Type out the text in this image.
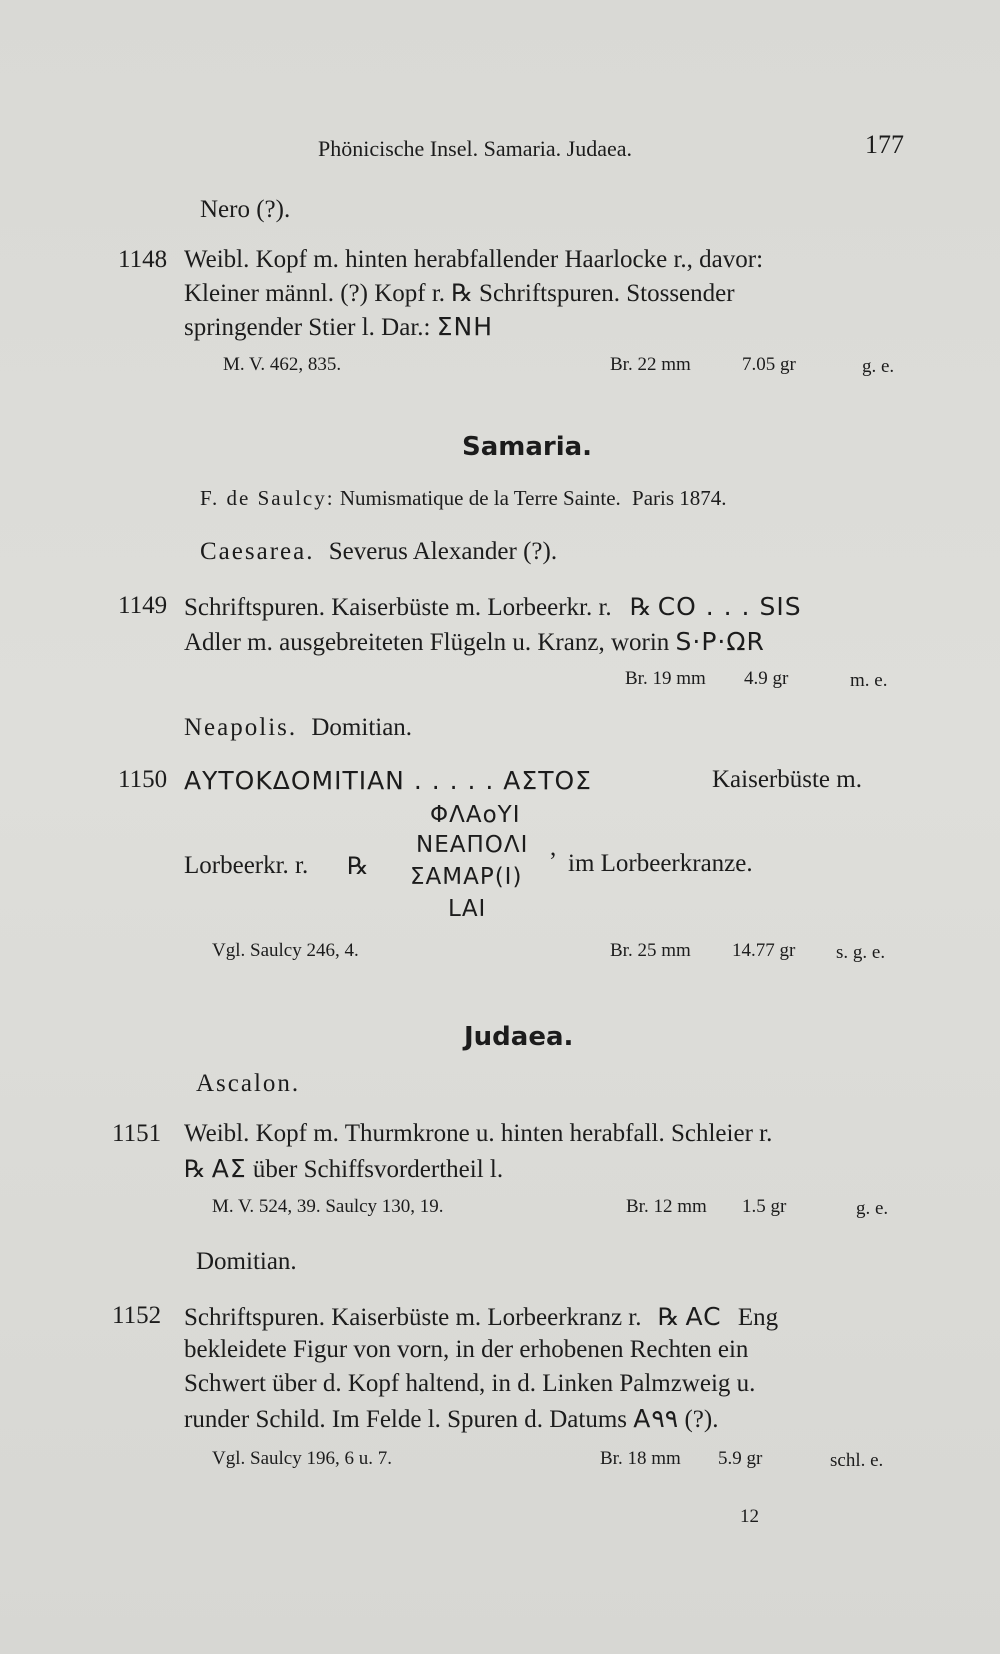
Phönicische Insel. Samaria. Judaea.	177
Nero (?).
1148 Weibl. Kopf m. hinten herabfallender Haarlocke r., davor:
Kleiner männl. (?) Kopf r. ℞ Schriftspuren. Stossender
springender Stier l. Dar.: ΣΝΗ
M. V. 462, 835.	Br. 22 mm	7.05 gr	g. e.
Samaria.
F. de Saulcy: Numismatique de la Terre Sainte. Paris 1874.
Caesarea. Severus Alexander (?).
1149 Schriftspuren. Kaiserbüste m. Lorbeerkr. r. ℞ CO . . . SIS
Adler m. ausgebreiteten Flügeln u. Kranz, worin S·P·ΩR
Br. 19 mm 4.9 gr	m. e.
Neapolis. Domitian.
1150 ΑΥΤΟΚΔΟΜΙΤΙΑΝ . . . . . ΑΣΤΟΣ	Kaiserbüste m.
ΦΛΑοΥΙ
Lorbeerkr. r. ℞
ΝΕΑΠΟΛΙ ,
ΣΑΜΑΡ(Ι)
LΑΙ
im Lorbeerkranze.
Vgl. Saulcy 246, 4.	Br. 25 mm 14.77 gr s. g. e.
Judaea.
Ascalon.
1151 Weibl. Kopf m. Thurmkrone u. hinten herabfall. Schleier r.
℞ ΑΣ über Schiffsvordertheil l.
M. V. 524, 39. Saulcy 130, 19.	Br. 12 mm 1.5 gr	g. e.
Domitian.
1152 Schriftspuren. Kaiserbüste m. Lorbeerkranz r. ℞ AC Eng
bekleidete Figur von vorn, in der erhobenen Rechten ein
Schwert über d. Kopf haltend, in d. Linken Palmzweig u.
runder Schild. Im Felde l. Spuren d. Datums Α۹۹ (?).
Vgl. Saulcy 196, 6 u. 7.	Br. 18 mm 5.9 gr	schl. e.
12
